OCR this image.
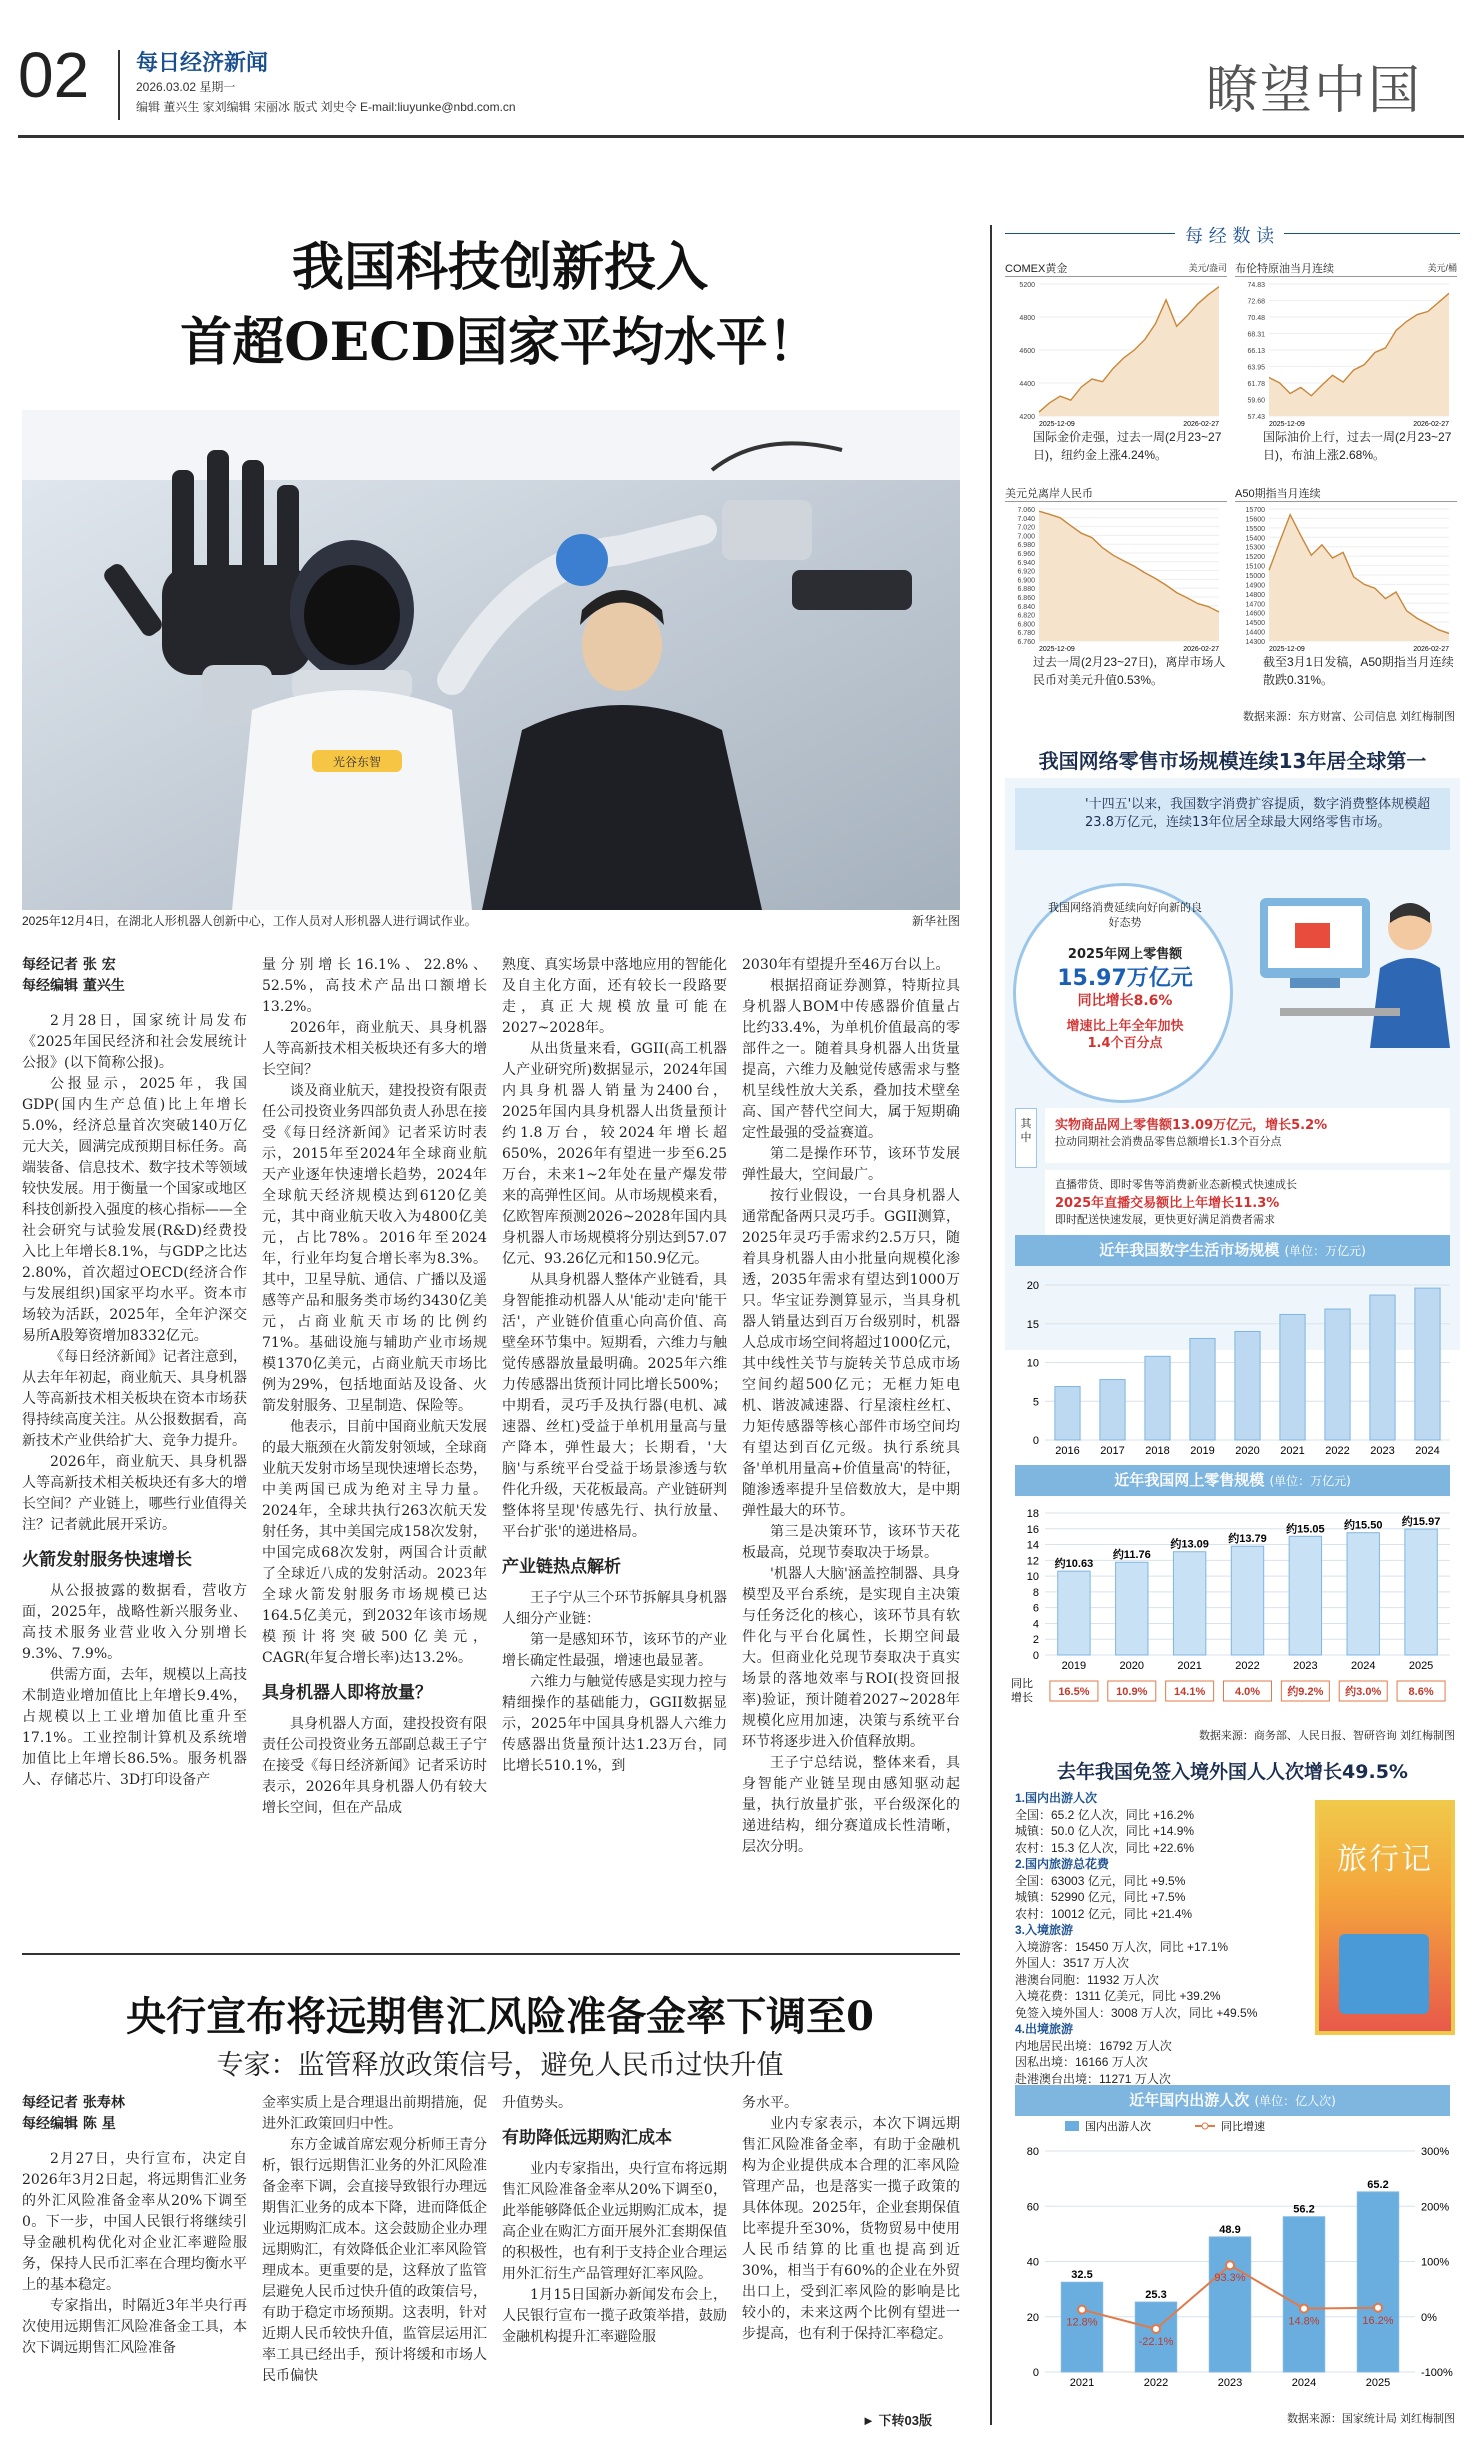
02 每日经济新闻
2026.03.02 星期一
编辑 董兴生 家刘编辑 宋丽冰 版式 刘史令 E-mail:liuyunke@nbd.com.cn	瞭望中国
我国科技创新投入
首超OECD国家平均水平！
光谷东智
2025年12月4日，在湖北人形机器人创新中心，工作人员对人形机器人进行调试作业。	新华社图
每经记者 张 宏
每经编辑 董兴生

2月28日，国家统计局发布《2025年国民经济和社会发展统计公报》(以下简称公报)。

公报显示，2025年，我国GDP(国内生产总值)比上年增长5.0%，经济总量首次突破140万亿元大关，圆满完成预期目标任务。高端装备、信息技术、数字技术等领域较快发展。用于衡量一个国家或地区科技创新投入强度的核心指标——全社会研究与试验发展(R&D)经费投入比上年增长8.1%，与GDP之比达2.80%，首次超过OECD(经济合作与发展组织)国家平均水平。资本市场较为活跃，2025年，全年沪深交易所A股筹资增加8332亿元。

《每日经济新闻》记者注意到，从去年年初起，商业航天、具身机器人等高新技术相关板块在资本市场获得持续高度关注。从公报数据看，高新技术产业供给扩大、竞争力提升。

2026年，商业航天、具身机器人等高新技术相关板块还有多大的增长空间？产业链上，哪些行业值得关注？记者就此展开采访。

火箭发射服务快速增长

从公报披露的数据看，营收方面，2025年，战略性新兴服务业、高技术服务业营业收入分别增长9.3%、7.9%。

供需方面，去年，规模以上高技术制造业增加值比上年增长9.4%，占规模以上工业增加值比重升至17.1%。工业控制计算机及系统增加值比上年增长86.5%。服务机器人、存储芯片、3D打印设备产

量分别增长16.1%、22.8%、52.5%，高技术产品出口额增长13.2%。

2026年，商业航天、具身机器人等高新技术相关板块还有多大的增长空间？

谈及商业航天，建投投资有限责任公司投资业务四部负责人孙思在接受《每日经济新闻》记者采访时表示，2015年至2024年全球商业航天产业逐年快速增长趋势，2024年全球航天经济规模达到6120亿美元，其中商业航天收入为4800亿美元，占比78%。2016年至2024年，行业年均复合增长率为8.3%。其中，卫星导航、通信、广播以及遥感等产品和服务类市场约3430亿美元，占商业航天市场的比例约71%。基础设施与辅助产业市场规模1370亿美元，占商业航天市场比例为29%，包括地面站及设备、火箭发射服务、卫星制造、保险等。

他表示，目前中国商业航天发展的最大瓶颈在火箭发射领域，全球商业航天发射市场呈现快速增长态势，中美两国已成为绝对主导力量。2024年，全球共执行263次航天发射任务，其中美国完成158次发射，中国完成68次发射，两国合计贡献了全球近八成的发射活动。2023年全球火箭发射服务市场规模已达164.5亿美元，到2032年该市场规模预计将突破500亿美元，CAGR(年复合增长率)达13.2%。

具身机器人即将放量？

具身机器人方面，建投投资有限责任公司投资业务五部副总裁王子宁在接受《每日经济新闻》记者采访时表示，2026年具身机器人仍有较大增长空间，但在产品成

熟度、真实场景中落地应用的智能化及自主化方面，还有较长一段路要走，真正大规模放量可能在2027~2028年。

从出货量来看，GGII(高工机器人产业研究所)数据显示，2024年国内具身机器人销量为2400台，2025年国内具身机器人出货量预计约1.8万台，较2024年增长超650%，2026年有望进一步至6.25万台，未来1~2年处在量产爆发带来的高弹性区间。从市场规模来看，亿欧智库预测2026~2028年国内具身机器人市场规模将分别达到57.07亿元、93.26亿元和150.9亿元。

从具身机器人整体产业链看，具身智能推动机器人从'能动'走向'能干活'，产业链价值重心向高价值、高壁垒环节集中。短期看，六维力与触觉传感器放量最明确。2025年六维力传感器出货预计同比增长500%；中期看，灵巧手及执行器(电机、减速器、丝杠)受益于单机用量高与量产降本，弹性最大；长期看，'大脑'与系统平台受益于场景渗透与软件化升级，天花板最高。产业链研判整体将呈现'传感先行、执行放量、平台扩张'的递进格局。

产业链热点解析

王子宁从三个环节拆解具身机器人细分产业链：

第一是感知环节，该环节的产业增长确定性最强，增速也最显著。

六维力与触觉传感是实现力控与精细操作的基础能力，GGII数据显示，2025年中国具身机器人六维力传感器出货量预计达1.23万台，同比增长510.1%，到

2030年有望提升至46万台以上。

根据招商证券测算，特斯拉具身机器人BOM中传感器价值量占比约33.4%，为单机价值最高的零部件之一。随着具身机器人出货量提高，六维力及触觉传感需求与整机呈线性放大关系，叠加技术壁垒高、国产替代空间大，属于短期确定性最强的受益赛道。

第二是操作环节，该环节发展弹性最大，空间最广。

按行业假设，一台具身机器人通常配备两只灵巧手。GGII测算，2025年灵巧手需求约2.5万只，随着具身机器人由小批量向规模化渗透，2035年需求有望达到1000万只。华宝证券测算显示，当具身机器人销量达到百万台级别时，机器人总成市场空间将超过1000亿元，其中线性关节与旋转关节总成市场空间约超500亿元；无框力矩电机、谐波减速器、行星滚柱丝杠、力矩传感器等核心部件市场空间均有望达到百亿元级。执行系统具备'单机用量高+价值量高'的特征，随渗透率提升呈倍数放大，是中期弹性最大的环节。

第三是决策环节，该环节天花板最高，兑现节奏取决于场景。

'机器人大脑'涵盖控制器、具身模型及平台系统，是实现自主决策与任务泛化的核心，该环节具有软件化与平台化属性，长期空间最大。但商业化兑现节奏取决于真实场景的落地效率与ROI(投资回报率)验证，预计随着2027~2028年规模化应用加速，决策与系统平台环节将逐步进入价值释放期。

王子宁总结说，整体来看，具身智能产业链呈现由感知驱动起量，执行放量扩张，平台级深化的递进结构，细分赛道成长性清晰，层次分明。

央行宣布将远期售汇风险准备金率下调至0
专家：监管释放政策信号，避免人民币过快升值
每经记者 张寿林
每经编辑 陈 星

2月27日，央行宣布，决定自2026年3月2日起，将远期售汇业务的外汇风险准备金率从20%下调至0。下一步，中国人民银行将继续引导金融机构优化对企业汇率避险服务，保持人民币汇率在合理均衡水平上的基本稳定。

专家指出，时隔近3年半央行再次使用远期售汇风险准备金工具，本次下调远期售汇风险准备

金率实质上是合理退出前期措施，促进外汇政策回归中性。

东方金诚首席宏观分析师王青分析，银行远期售汇业务的外汇风险准备金率下调，会直接导致银行办理远期售汇业务的成本下降，进而降低企业远期购汇成本。这会鼓励企业办理远期购汇，有效降低企业汇率风险管理成本。更重要的是，这释放了监管层避免人民币过快升值的政策信号，有助于稳定市场预期。这表明，针对近期人民币较快升值，监管层运用汇率工具已经出手，预计将缓和市场人民币偏快

升值势头。

有助降低远期购汇成本

业内专家指出，央行宣布将远期售汇风险准备金率从20%下调至0，此举能够降低企业远期购汇成本，提高企业在购汇方面开展外汇套期保值的积极性，也有利于支持企业合理运用外汇衍生产品管理好汇率风险。

1月15日国新办新闻发布会上，人民银行宣布一揽子政策举措，鼓励金融机构提升汇率避险服

务水平。

业内专家表示，本次下调远期售汇风险准备金率，有助于金融机构为企业提供成本合理的汇率风险管理产品，也是落实一揽子政策的具体体现。2025年，企业套期保值比率提升至30%，货物贸易中使用人民币结算的比重也提高到近30%，相当于有60%的企业在外贸出口上，受到汇率风险的影响是比较小的，未来这两个比例有望进一步提高，也有利于保持汇率稳定。

► 下转03版
每 经 数 读
COMEX黄金	美元/盎司
5200
4800
4600
4400
4200
2025-12-09	2026-02-27
国际金价走强，过去一周(2月23~27日)，纽约金上涨4.24%。
布伦特原油当月连续	美元/桶
74.83
72.68
70.48
68.31
66.13
63.95
61.78
59.60
57.43
2025-12-09	2026-02-27
国际油价上行，过去一周(2月23~27日)，布油上涨2.68%。
美元兑离岸人民币
7.060
7.040
7.020
7.000
6.980
6.960
6.940
6.920
6.900
6.880
6.860
6.840
6.820
6.800
6.780
6.760
2025-12-09	2026-02-27
过去一周(2月23~27日)，离岸市场人民币对美元升值0.53%。
A50期指当月连续
15700
15600
15500
15400
15300
15200
15100
15000
14900
14800
14700
14600
14500
14400
14300
2025-12-09	2026-02-27
截至3月1日发稿，A50期指当月连续散跌0.31%。
数据来源：东方财富、公司信息 刘红梅制图
我国网络零售市场规模连续13年居全球第一
'十四五'以来，我国数字消费扩容提质，数字消费整体规模超23.8万亿元，连续13年位居全球最大网络零售市场。
我国网络消费延续向好向新的良好态势
2025年网上零售额
15.97万亿元
同比增长8.6%
增速比上年全年加快1.4个百分点
其中
实物商品网上零售额13.09万亿元，增长5.2%
拉动同期社会消费品零售总额增长1.3个百分点
直播带货、即时零售等消费新业态新模式快速成长
2025年直播交易额比上年增长11.3%
即时配送快速发展，更快更好满足消费者需求
近年我国数字生活市场规模 (单位：万亿元)
0
5
10
15
20
2016 2017 2018 2019 2020 2021 2022 2023 2024
近年我国网上零售规模 (单位：万亿元)
0
2
4
6
8
10
12
14
16
18
2019
约10.63
2020
约11.76
2021
约13.09
2022
约13.79
2023
约15.05
2024
约15.50
2025
约15.97
同比
增长 16.5% 10.9% 14.1%	4.0% 约9.2% 约3.0% 8.6%
数据来源：商务部、人民日报、智研咨询 刘红梅制图
去年我国免签入境外国人人次增长49.5%
1.国内出游人次
全国：65.2 亿人次，同比 +16.2%
城镇：50.0 亿人次，同比 +14.9%
农村：15.3 亿人次，同比 +22.6%
2.国内旅游总花费
全国：63003 亿元，同比 +9.5%
城镇：52990 亿元，同比 +7.5%
农村：10012 亿元，同比 +21.4%
3.入境旅游
入境游客：15450 万人次，同比 +17.1%
外国人：3517 万人次
港澳台同胞：11932 万人次
入境花费：1311 亿美元，同比 +39.2%
免签入境外国人：3008 万人次，同比 +49.5%
4.出境旅游
内地居民出境：16792 万人次
因私出境：16166 万人次
赴港澳台出境：11271 万人次
旅行记
近年国内出游人次 (单位：亿人次)
国内出游人次	同比增速
0
20
40
60
80
2021
32.5
2022
25.3
2023
48.9
2024
56.2
2025
65.2
300%
200%
100%
0%
-100%
12.8%
-22.1%
93.3%
14.8%	16.2%
数据来源：国家统计局 刘红梅制图
